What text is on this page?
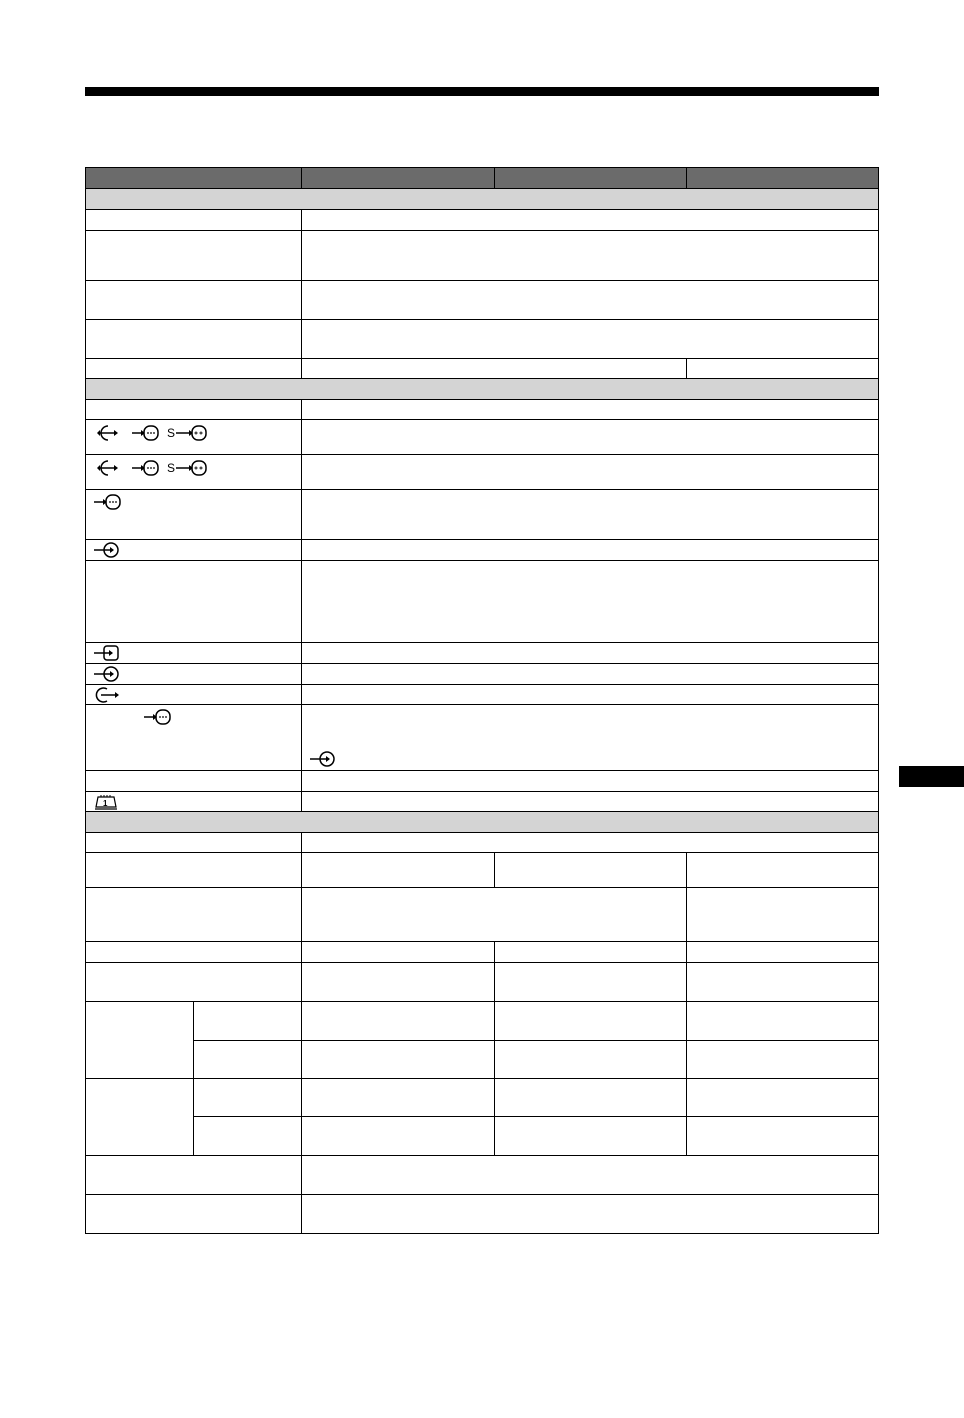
S
S
1
